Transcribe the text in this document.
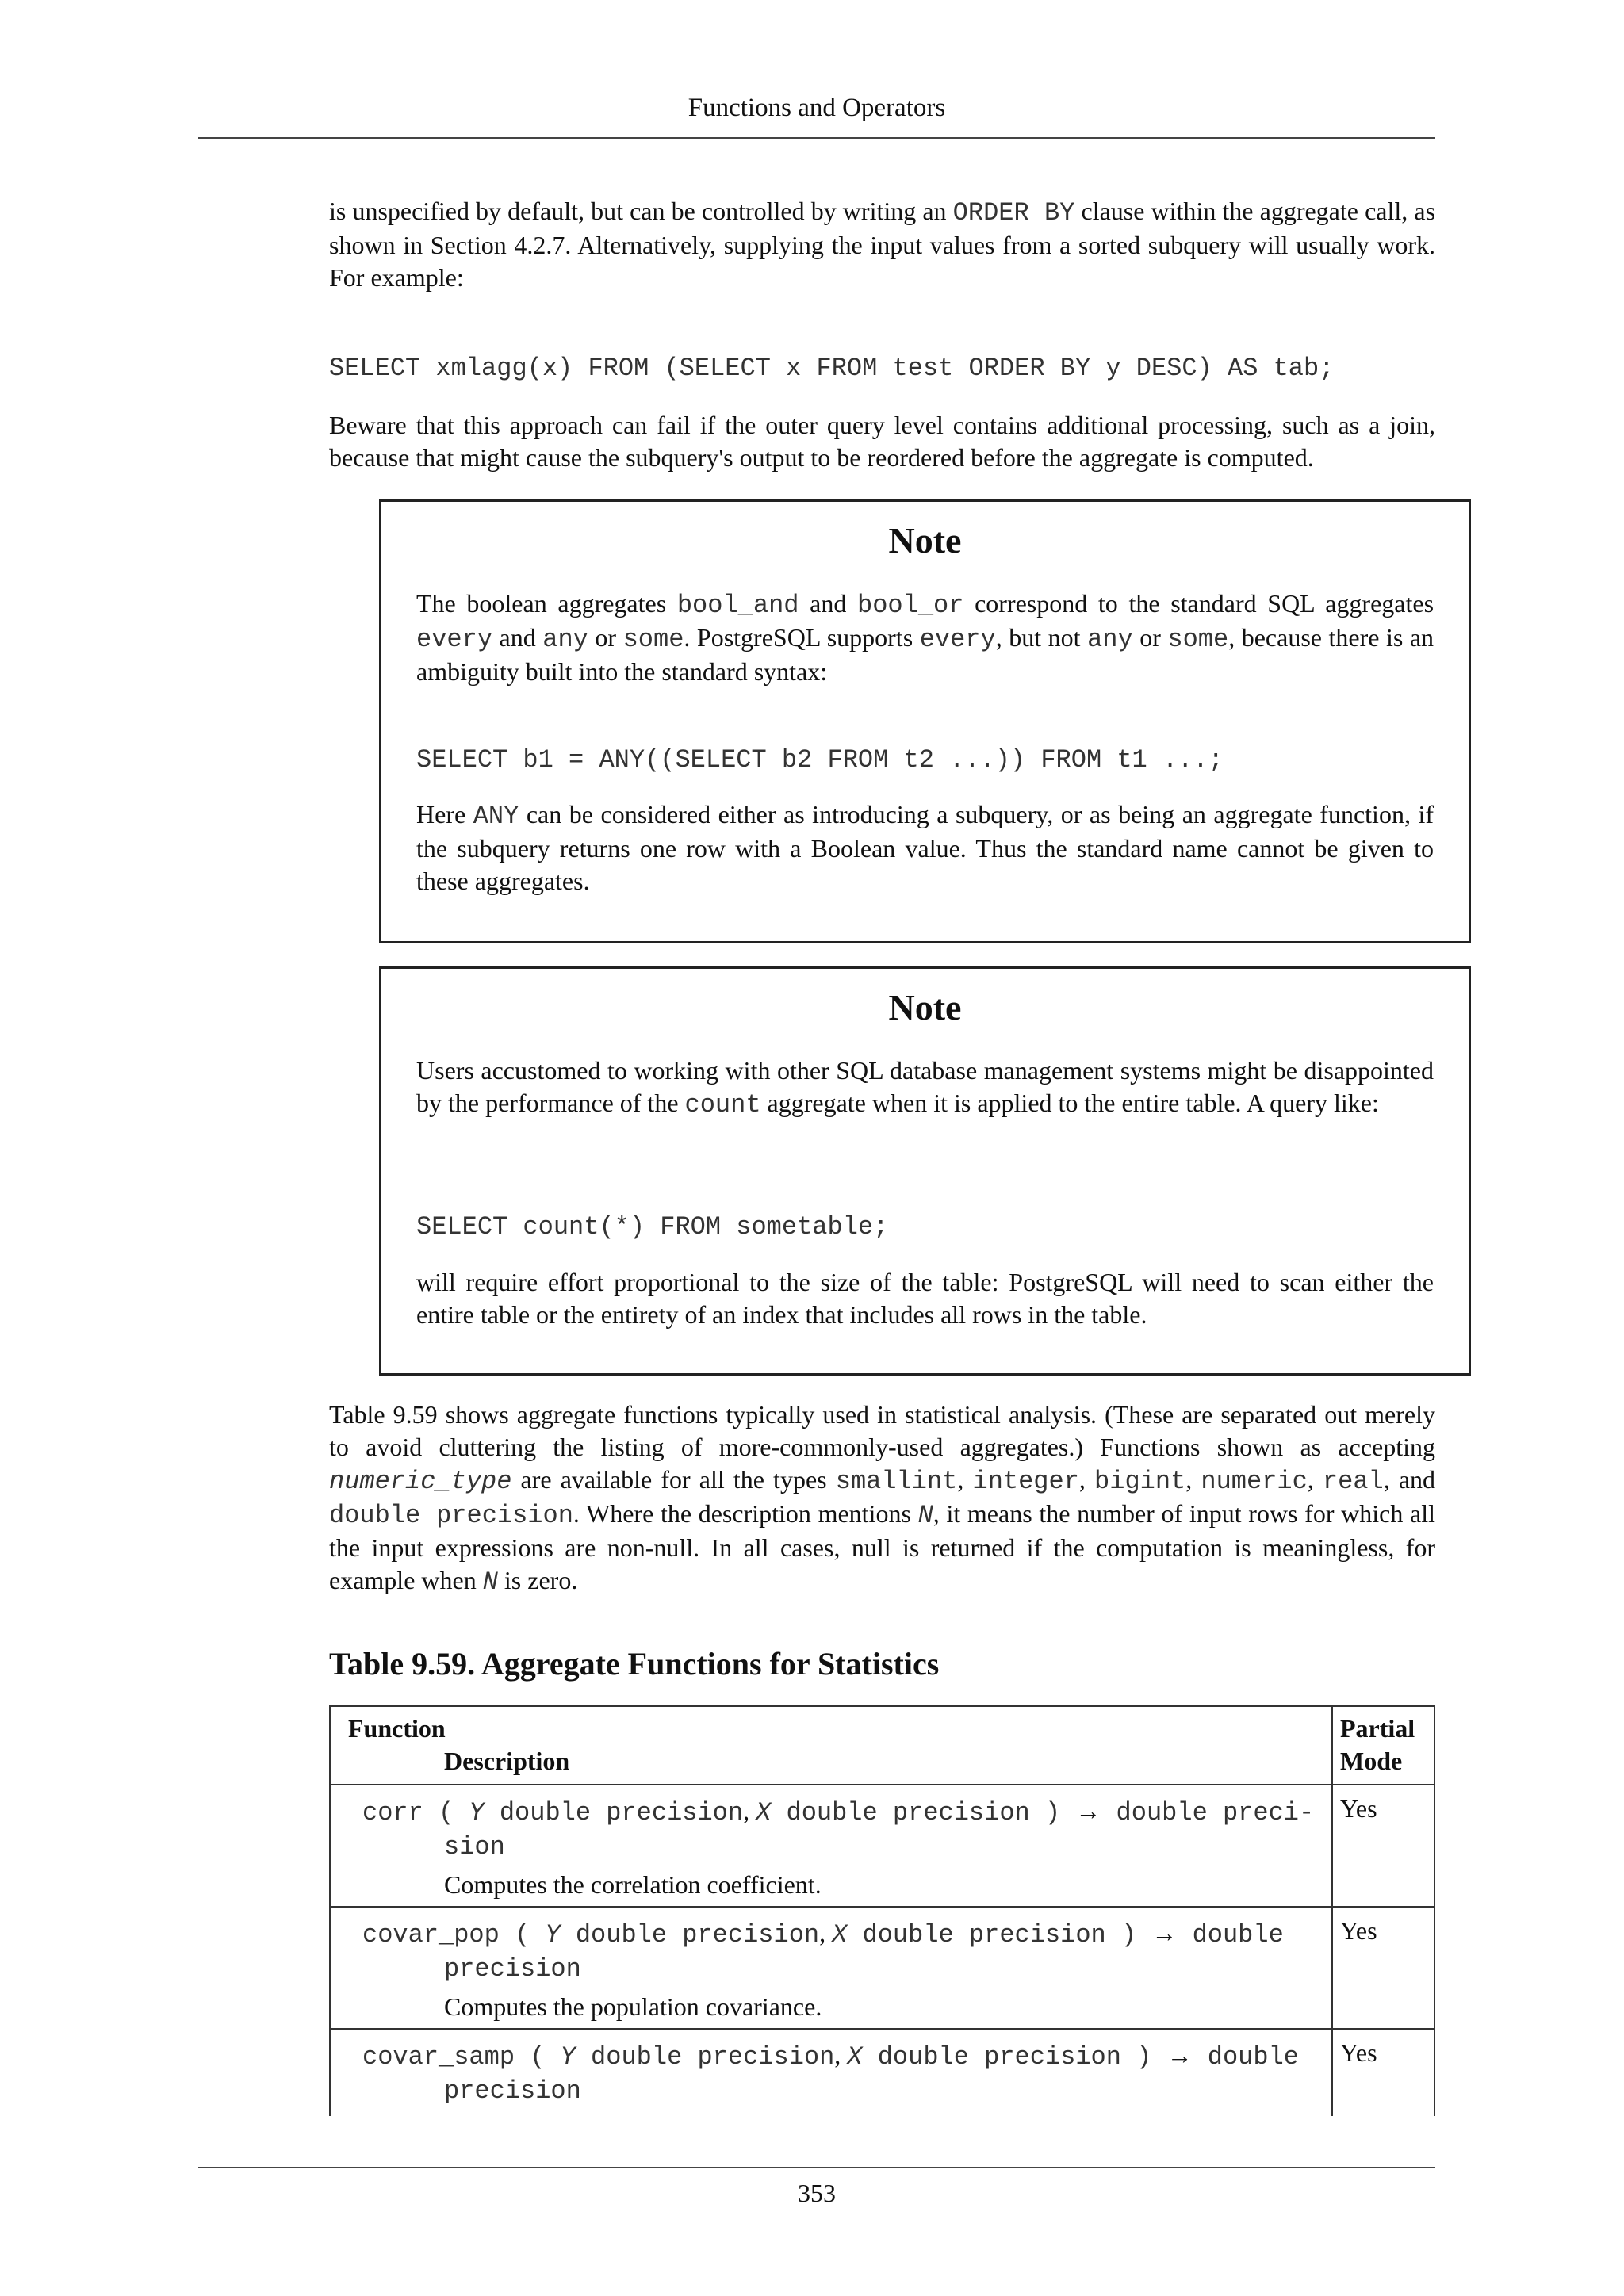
Functions and Operators

is unspecified by default, but can be controlled by writing an ORDER BY clause within the aggregate call, as shown in Section 4.2.7. Alternatively, supplying the input values from a sorted subquery will usually work. For example:

SELECT xmlagg(x) FROM (SELECT x FROM test ORDER BY y DESC) AS tab;

Beware that this approach can fail if the outer query level contains additional processing, such as a join, because that might cause the subquery's output to be reordered before the aggregate is computed.

Note

The boolean aggregates bool_and and bool_or correspond to the standard SQL aggregates every and any or some. PostgreSQL supports every, but not any or some, because there is an ambiguity built into the standard syntax:

SELECT b1 = ANY((SELECT b2 FROM t2 ...)) FROM t1 ...;

Here ANY can be considered either as introducing a subquery, or as being an aggregate function, if the subquery returns one row with a Boolean value. Thus the standard name cannot be given to these aggregates.

Note

Users accustomed to working with other SQL database management systems might be disappointed by the performance of the count aggregate when it is applied to the entire table. A query like:

SELECT count(*) FROM sometable;

will require effort proportional to the size of the table: PostgreSQL will need to scan either the entire table or the entirety of an index that includes all rows in the table.

Table 9.59 shows aggregate functions typically used in statistical analysis. (These are separated out merely to avoid cluttering the listing of more-commonly-used aggregates.) Functions shown as accepting numeric_type are available for all the types smallint, integer, bigint, numeric, real, and double precision. Where the description mentions N, it means the number of input rows for which all the input expressions are non-null. In all cases, null is returned if the computation is meaningless, for example when N is zero.

Table 9.59. Aggregate Functions for Statistics
Function
Description
Partial
Mode
corr ( Y double precision, X double precision ) → double preci-
sion
Computes the correlation coefficient.
Yes
covar_pop ( Y double precision, X double precision ) → double
precision
Computes the population covariance.
Yes
covar_samp ( Y double precision, X double precision ) → double
precision
Yes
353
